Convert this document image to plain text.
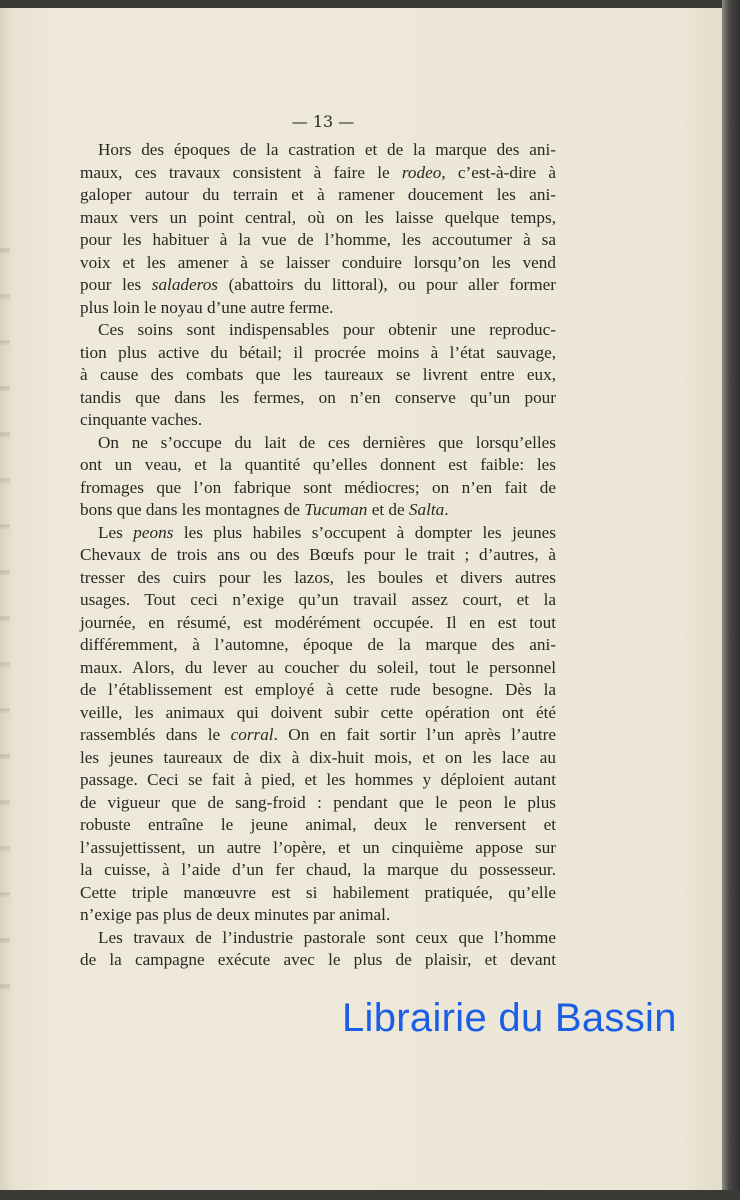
— 13 —
Hors des époques de la castration et de la marque des ani-
maux, ces travaux consistent à faire le rodeo, c’est-à-dire à
galoper autour du terrain et à ramener doucement les ani-
maux vers un point central, où on les laisse quelque temps,
pour les habituer à la vue de l’homme, les accoutumer à sa
voix et les amener à se laisser conduire lorsqu’on les vend
pour les saladeros (abattoirs du littoral), ou pour aller former
plus loin le noyau d’une autre ferme.
Ces soins sont indispensables pour obtenir une reproduc-
tion plus active du bétail; il procrée moins à l’état sauvage,
à cause des combats que les taureaux se livrent entre eux,
tandis que dans les fermes, on n’en conserve qu’un pour
cinquante vaches.
On ne s’occupe du lait de ces dernières que lorsqu’elles
ont un veau, et la quantité qu’elles donnent est faible: les
fromages que l’on fabrique sont médiocres; on n’en fait de
bons que dans les montagnes de Tucuman et de Salta.
Les peons les plus habiles s’occupent à dompter les jeunes
Chevaux de trois ans ou des Bœufs pour le trait ; d’autres, à
tresser des cuirs pour les lazos, les boules et divers autres
usages. Tout ceci n’exige qu’un travail assez court, et la
journée, en résumé, est modérément occupée. Il en est tout
différemment, à l’automne, époque de la marque des ani-
maux. Alors, du lever au coucher du soleil, tout le personnel
de l’établissement est employé à cette rude besogne. Dès la
veille, les animaux qui doivent subir cette opération ont été
rassemblés dans le corral. On en fait sortir l’un après l’autre
les jeunes taureaux de dix à dix-huit mois, et on les lace au
passage. Ceci se fait à pied, et les hommes y déploient autant
de vigueur que de sang-froid : pendant que le peon le plus
robuste entraîne le jeune animal, deux le renversent et
l’assujettissent, un autre l’opère, et un cinquième appose sur
la cuisse, à l’aide d’un fer chaud, la marque du possesseur.
Cette triple manœuvre est si habilement pratiquée, qu’elle
n’exige pas plus de deux minutes par animal.
Les travaux de l’industrie pastorale sont ceux que l’homme
de la campagne exécute avec le plus de plaisir, et devant
Librairie du Bassin
